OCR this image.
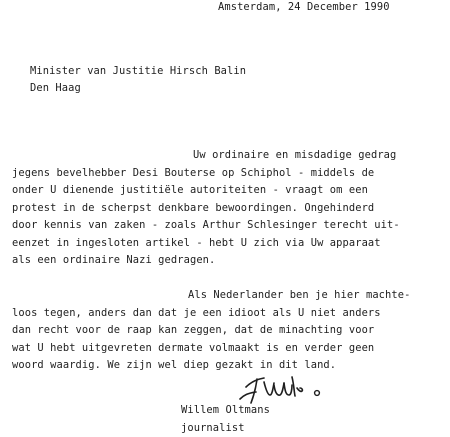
Amsterdam, 24 December 1990
Minister van Justitie Hirsch Balin
Den Haag
Uw ordinaire en misdadige gedrag
jegens bevelhebber Desi Bouterse op Schiphol - middels de
onder U dienende justitiële autoriteiten - vraagt om een
protest in de scherpst denkbare bewoordingen. Ongehinderd
door kennis van zaken - zoals Arthur Schlesinger terecht uit-
eenzet in ingesloten artikel - hebt U zich via Uw apparaat
als een ordinaire Nazi gedragen.
Als Nederlander ben je hier machte-
loos tegen, anders dan dat je een idioot als U niet anders
dan recht voor de raap kan zeggen, dat de minachting voor
wat U hebt uitgevreten dermate volmaakt is en verder geen
woord waardig. We zijn wel diep gezakt in dit land.
Willem Oltmans
journalist
